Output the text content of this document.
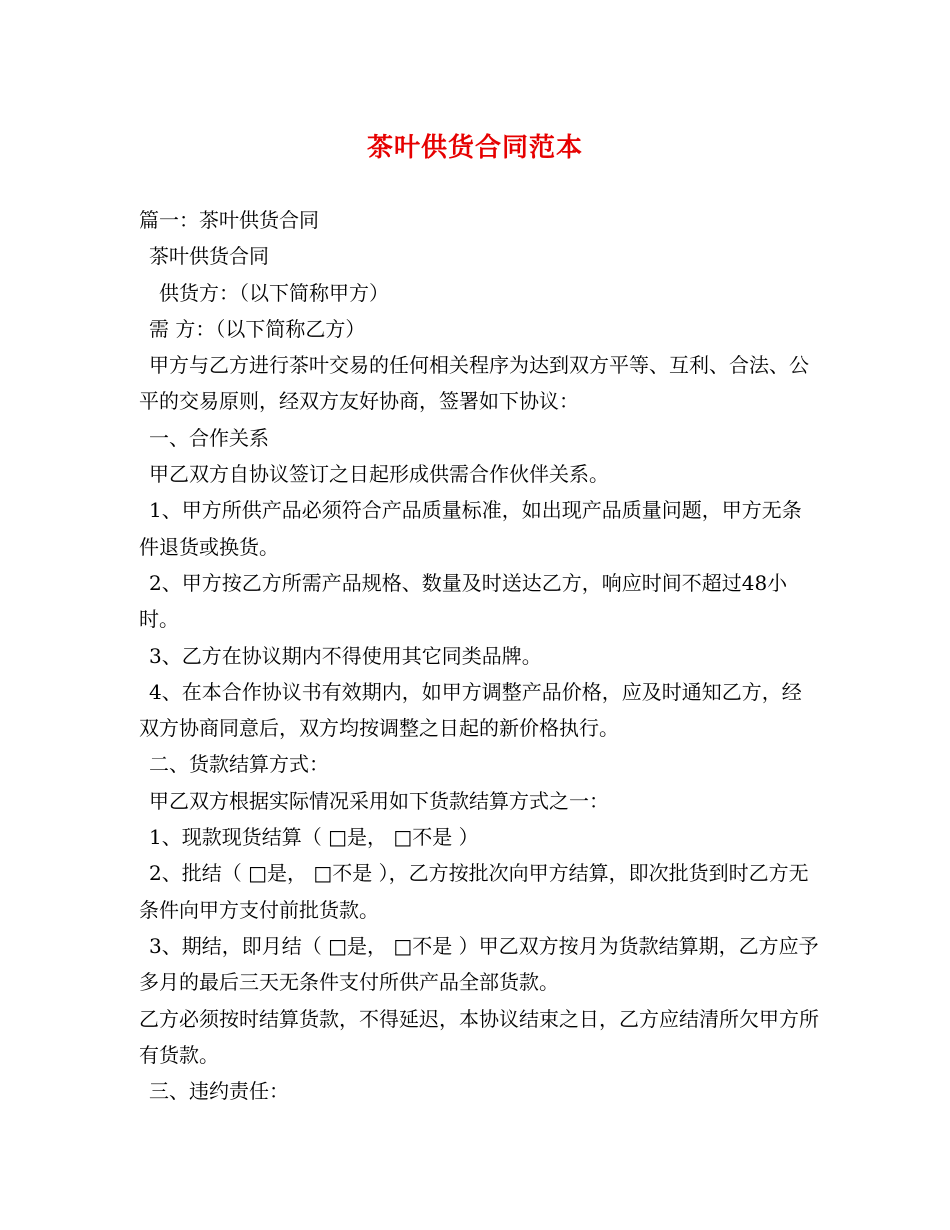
茶叶供货合同范本

篇一：茶叶供货合同

茶叶供货合同

供货方：（以下简称甲方）

需 方：（以下简称乙方）

甲方与乙方进行茶叶交易的任何相关程序为达到双方平等、互利、合法、公平的交易原则，经双方友好协商，签署如下协议：

一、合作关系

甲乙双方自协议签订之日起形成供需合作伙伴关系。

1、甲方所供产品必须符合产品质量标准，如出现产品质量问题，甲方无条件退货或换货。

2、甲方按乙方所需产品规格、数量及时送达乙方，响应时间不超过48小时。

3、乙方在协议期内不得使用其它同类品牌。

4、在本合作协议书有效期内，如甲方调整产品价格，应及时通知乙方，经双方协商同意后，双方均按调整之日起的新价格执行。

二、货款结算方式：

甲乙双方根据实际情况采用如下货款结算方式之一：

1、现款现货结算（ □是， □不是 ）

2、批结（ □是， □不是 ），乙方按批次向甲方结算，即次批货到时乙方无条件向甲方支付前批货款。

3、期结，即月结（ □是， □不是 ）甲乙双方按月为货款结算期，乙方应予多月的最后三天无条件支付所供产品全部货款。

乙方必须按时结算货款，不得延迟，本协议结束之日，乙方应结清所欠甲方所有货款。

三、违约责任：
